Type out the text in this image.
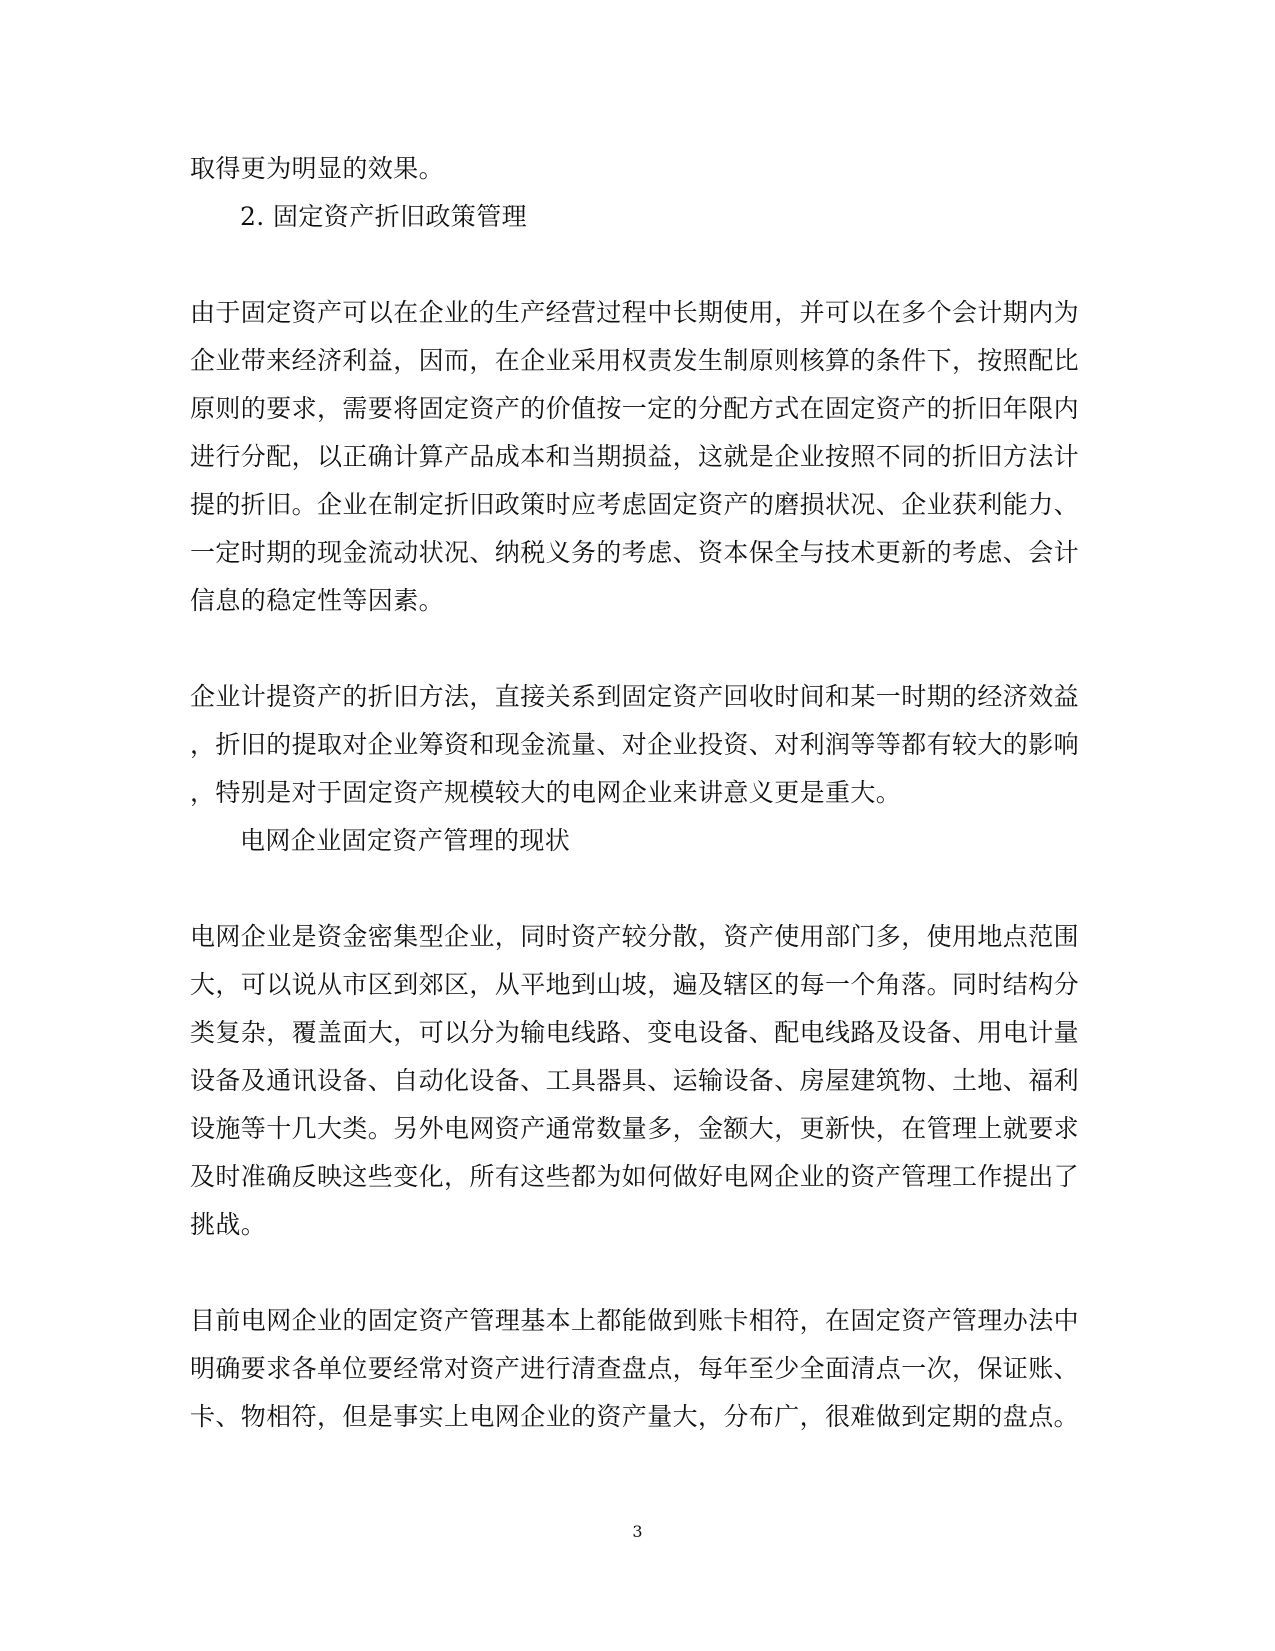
取得更为明显的效果。
2. 固定资产折旧政策管理
由于固定资产可以在企业的生产经营过程中长期使用，并可以在多个会计期内为
企业带来经济利益，因而，在企业采用权责发生制原则核算的条件下，按照配比
原则的要求，需要将固定资产的价值按一定的分配方式在固定资产的折旧年限内
进行分配，以正确计算产品成本和当期损益，这就是企业按照不同的折旧方法计
提的折旧。企业在制定折旧政策时应考虑固定资产的磨损状况、企业获利能力、
一定时期的现金流动状况、纳税义务的考虑、资本保全与技术更新的考虑、会计
信息的稳定性等因素。
企业计提资产的折旧方法，直接关系到固定资产回收时间和某一时期的经济效益
，折旧的提取对企业筹资和现金流量、对企业投资、对利润等等都有较大的影响
，特别是对于固定资产规模较大的电网企业来讲意义更是重大。
电网企业固定资产管理的现状
电网企业是资金密集型企业，同时资产较分散，资产使用部门多，使用地点范围
大，可以说从市区到郊区，从平地到山坡，遍及辖区的每一个角落。同时结构分
类复杂，覆盖面大，可以分为输电线路、变电设备、配电线路及设备、用电计量
设备及通讯设备、自动化设备、工具器具、运输设备、房屋建筑物、土地、福利
设施等十几大类。另外电网资产通常数量多，金额大，更新快，在管理上就要求
及时准确反映这些变化，所有这些都为如何做好电网企业的资产管理工作提出了
挑战。
目前电网企业的固定资产管理基本上都能做到账卡相符，在固定资产管理办法中
明确要求各单位要经常对资产进行清查盘点，每年至少全面清点一次，保证账、
卡、物相符，但是事实上电网企业的资产量大，分布广，很难做到定期的盘点。
3
